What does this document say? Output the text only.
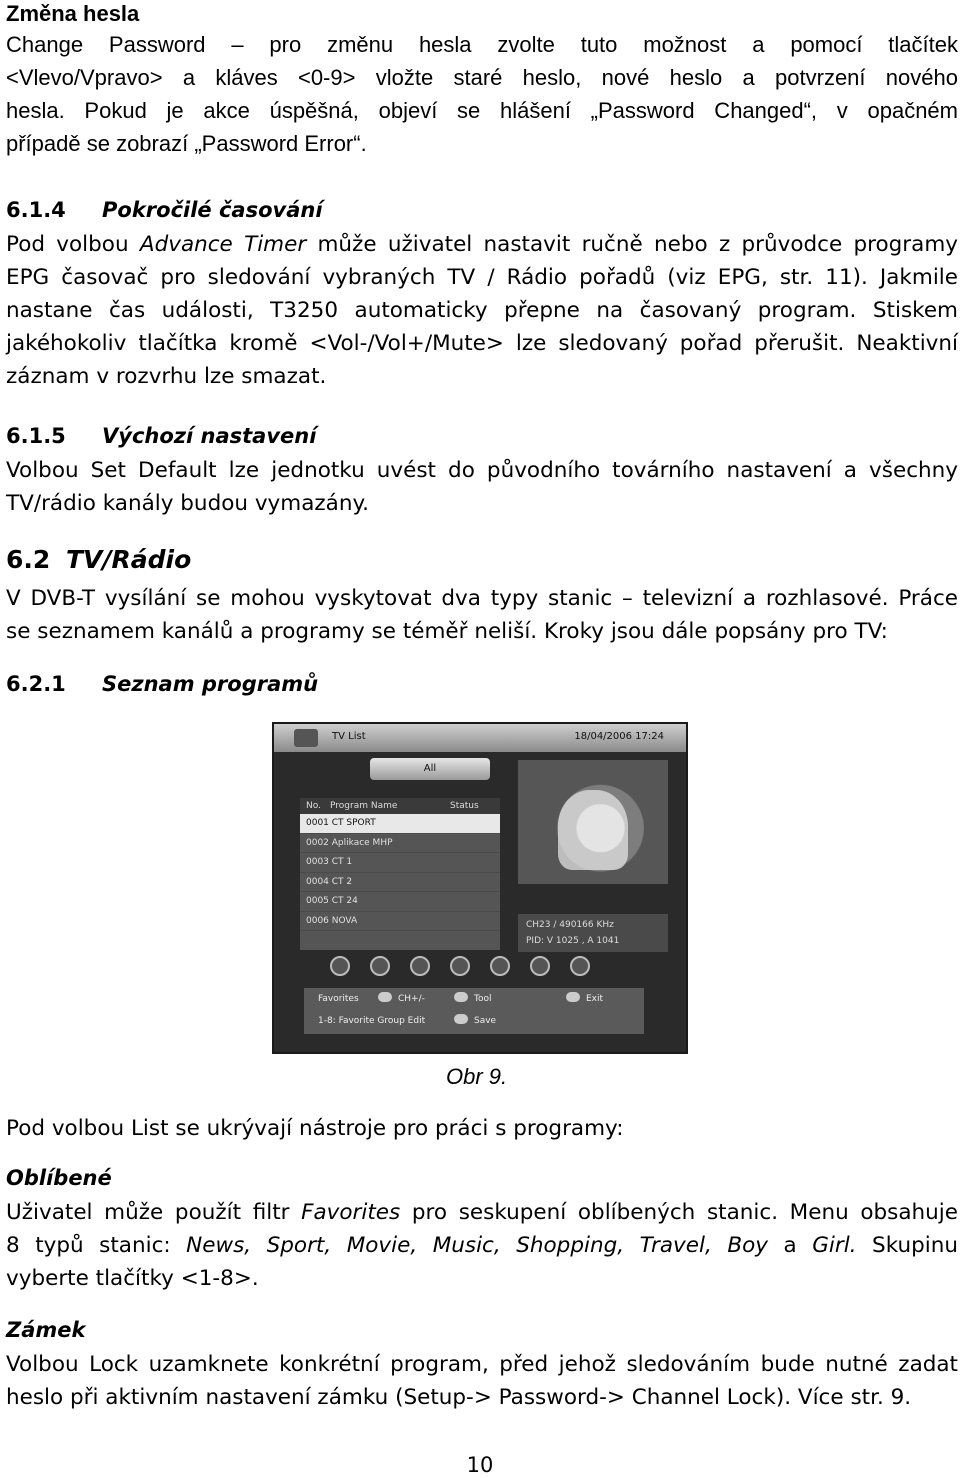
Změna hesla

Change Password – pro změnu hesla zvolte tuto možnost a pomocí tlačítek

<Vlevo/Vpravo> a kláves <0-9> vložte staré heslo, nové heslo a potvrzení nového

hesla. Pokud je akce úspěšná, objeví se hlášení „Password Changed“, v opačném

případě se zobrazí „Password Error“.

6.1.4 Pokročilé časování

Pod volbou Advance Timer může uživatel nastavit ručně nebo z průvodce programy

EPG časovač pro sledování vybraných TV / Rádio pořadů (viz EPG, str. 11). Jakmile

nastane čas události, T3250 automaticky přepne na časovaný program. Stiskem

jakéhokoliv tlačítka kromě <Vol-/Vol+/Mute> lze sledovaný pořad přerušit. Neaktivní

záznam v rozvrhu lze smazat.

6.1.5 Výchozí nastavení

Volbou Set Default lze jednotku uvést do původního továrního nastavení a všechny

TV/rádio kanály budou vymazány.

6.2 TV/Rádio

V DVB-T vysílání se mohou vyskytovat dva typy stanic – televizní a rozhlasové. Práce

se seznamem kanálů a programy se téměř neliší. Kroky jsou dále popsány pro TV:

6.2.1 Seznam programů
TV List	18/04/2006 17:24
All
No. Program Name	Status
0001 CT SPORT
0002 Aplikace MHP
0003 CT 1
0004 CT 2
0005 CT 24
0006 NOVA	CH23 / 490166 KHz
PID: V 1025 , A 1041
Favorites	CH+/-	Tool	Exit
1-8: Favorite Group Edit	Save
Obr 9.

Pod volbou List se ukrývají nástroje pro práci s programy:

Oblíbené

Uživatel může použít filtr Favorites pro seskupení oblíbených stanic. Menu obsahuje

8 typů stanic: News, Sport, Movie, Music, Shopping, Travel, Boy a Girl. Skupinu

vyberte tlačítky <1-8>.

Zámek

Volbou Lock uzamknete konkrétní program, před jehož sledováním bude nutné zadat

heslo při aktivním nastavení zámku (Setup-> Password-> Channel Lock). Více str. 9.

10
